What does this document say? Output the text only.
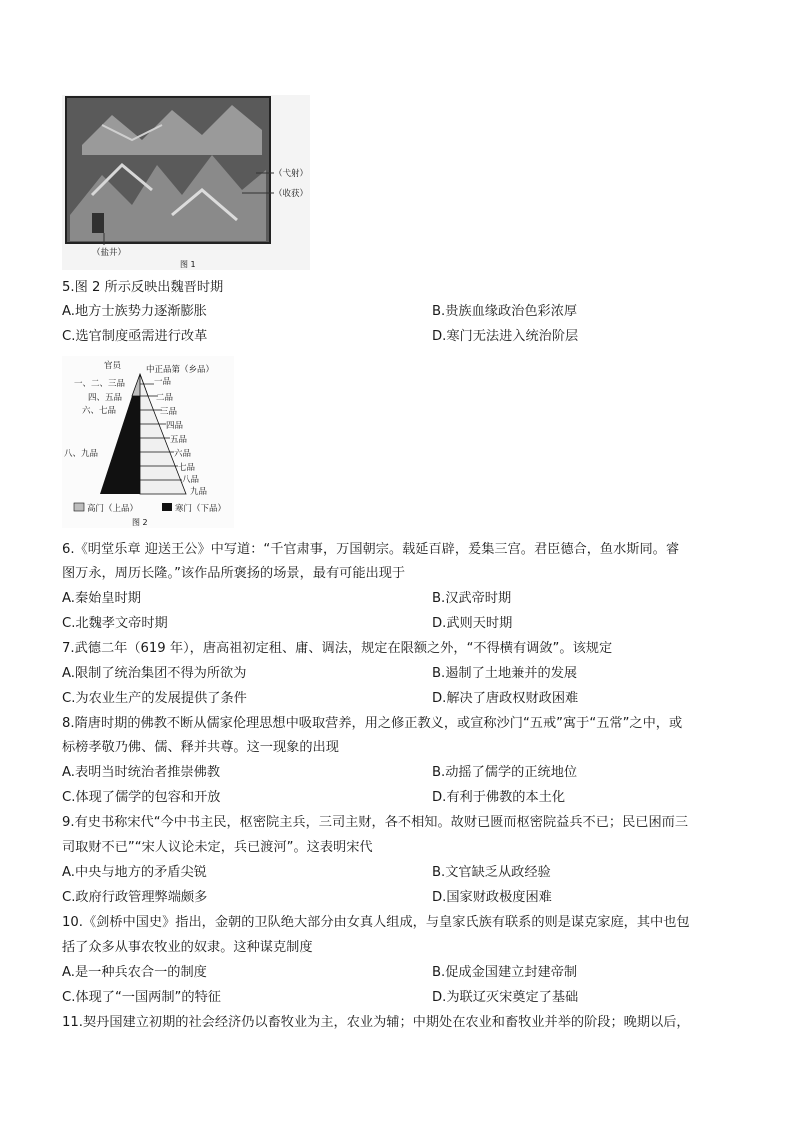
（弋射）
（收获）
（盐井）
图 1
5.图 2 所示反映出魏晋时期
A.地方士族势力逐渐膨胀	B.贵族血缘政治色彩浓厚
C.选官制度亟需进行改革	D.寒门无法进入统治阶层
官员	中正品第（乡品）
一、二、三品
四、五品
六、七品
八、九品
一品
二品
三品
四品
五品
六品
七品
八品
九品
高门（上品）	寒门（下品）
图 2
6.《明堂乐章 迎送王公》中写道：“千官肃事，万国朝宗。载延百辟，爰集三宫。君臣德合，鱼水斯同。睿
图万永，周历长隆。”该作品所褒扬的场景，最有可能出现于
A.秦始皇时期	B.汉武帝时期
C.北魏孝文帝时期	D.武则天时期
7.武德二年（619 年），唐高祖初定租、庸、调法，规定在限额之外，“不得横有调敛”。该规定
A.限制了统治集团不得为所欲为	B.遏制了土地兼并的发展
C.为农业生产的发展提供了条件	D.解决了唐政权财政困难
8.隋唐时期的佛教不断从儒家伦理思想中吸取营养，用之修正教义，或宣称沙门“五戒”寓于“五常”之中，或
标榜孝敬乃佛、儒、释并共尊。这一现象的出现
A.表明当时统治者推崇佛教	B.动摇了儒学的正统地位
C.体现了儒学的包容和开放	D.有利于佛教的本土化
9.有史书称宋代“今中书主民，枢密院主兵，三司主财，各不相知。故财已匮而枢密院益兵不已；民已困而三
司取财不已”“宋人议论未定，兵已渡河”。这表明宋代
A.中央与地方的矛盾尖锐	B.文官缺乏从政经验
C.政府行政管理弊端颇多	D.国家财政极度困难
10.《剑桥中国史》指出，金朝的卫队绝大部分由女真人组成，与皇家氏族有联系的则是谋克家庭，其中也包
括了众多从事农牧业的奴隶。这种谋克制度
A.是一种兵农合一的制度	B.促成金国建立封建帝制
C.体现了“一国两制”的特征	D.为联辽灭宋奠定了基础
11.契丹国建立初期的社会经济仍以畜牧业为主，农业为辅；中期处在农业和畜牧业并举的阶段；晚期以后，
